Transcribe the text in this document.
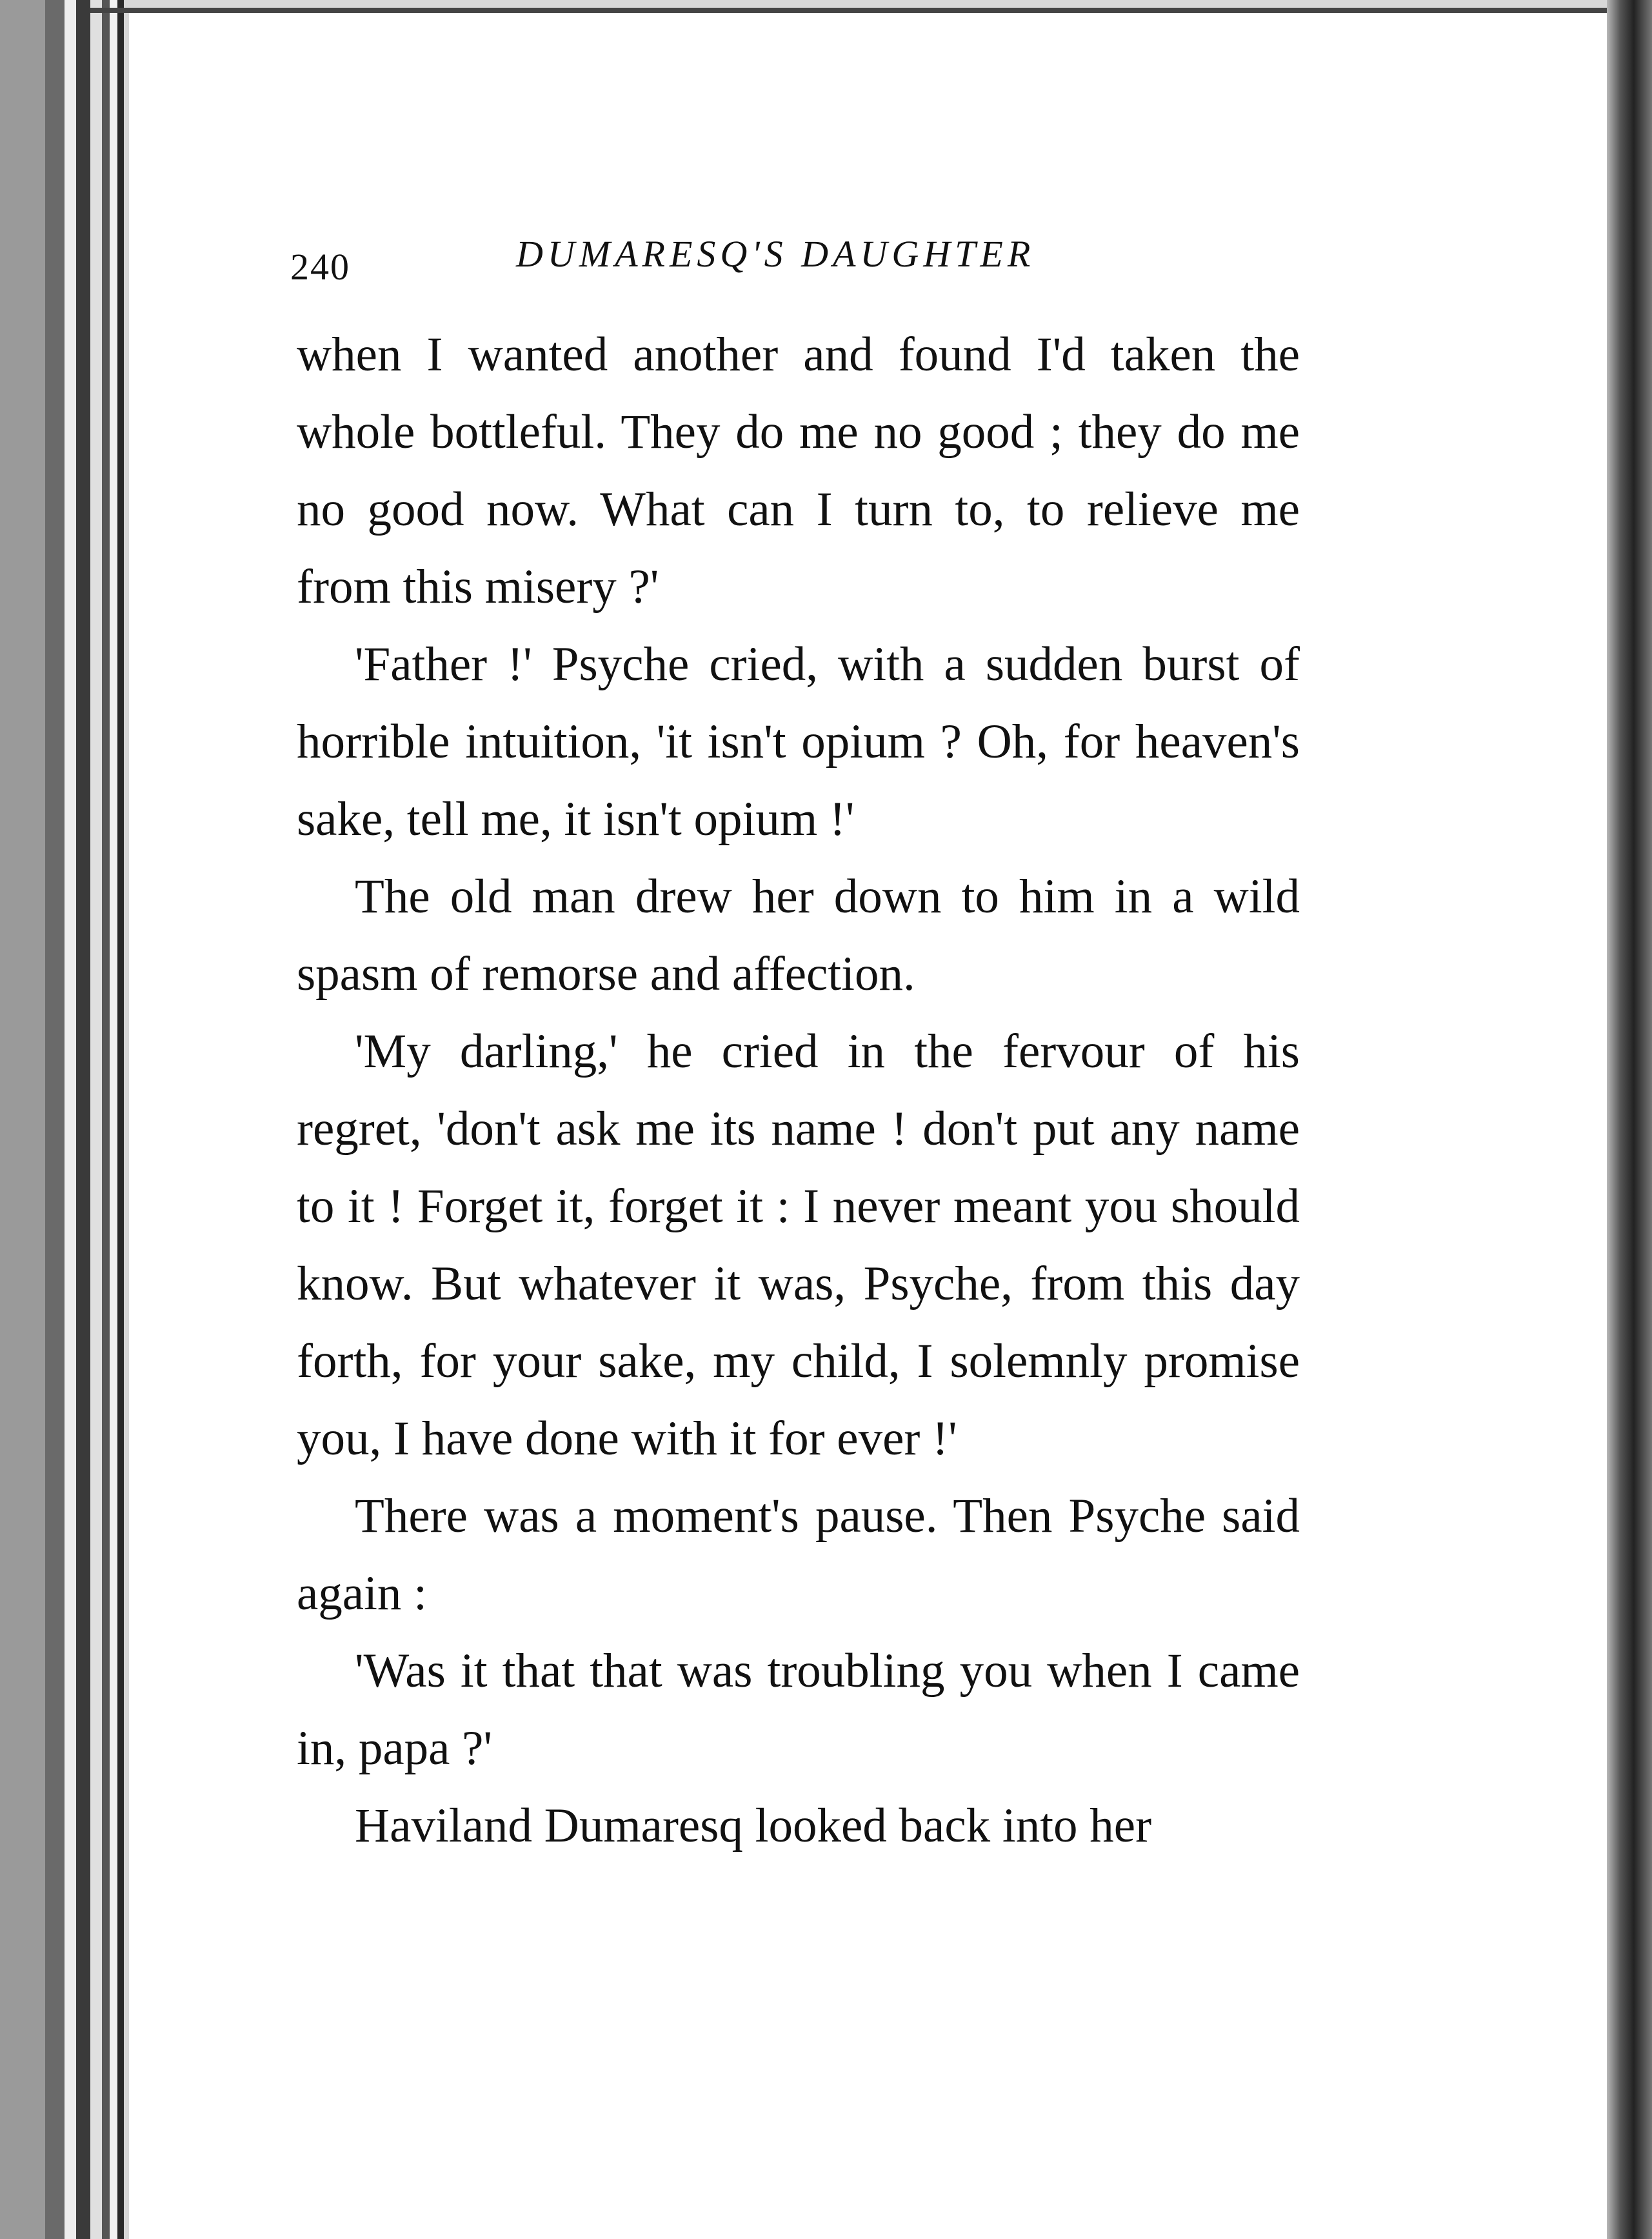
240	DUMARESQ'S DAUGHTER

when I wanted another and found I'd taken the whole bottleful. They do me no good ; they do me no good now. What can I turn to, to relieve me from this misery ?'

'Father !' Psyche cried, with a sudden burst of horrible intuition, 'it isn't opium ? Oh, for heaven's sake, tell me, it isn't opium !'

The old man drew her down to him in a wild spasm of remorse and affection.

'My darling,' he cried in the fervour of his regret, 'don't ask me its name ! don't put any name to it ! Forget it, forget it : I never meant you should know. But whatever it was, Psyche, from this day forth, for your sake, my child, I solemnly promise you, I have done with it for ever !'

There was a moment's pause. Then Psyche said again :

'Was it that that was troubling you when I came in, papa ?'

Haviland Dumaresq looked back into her
